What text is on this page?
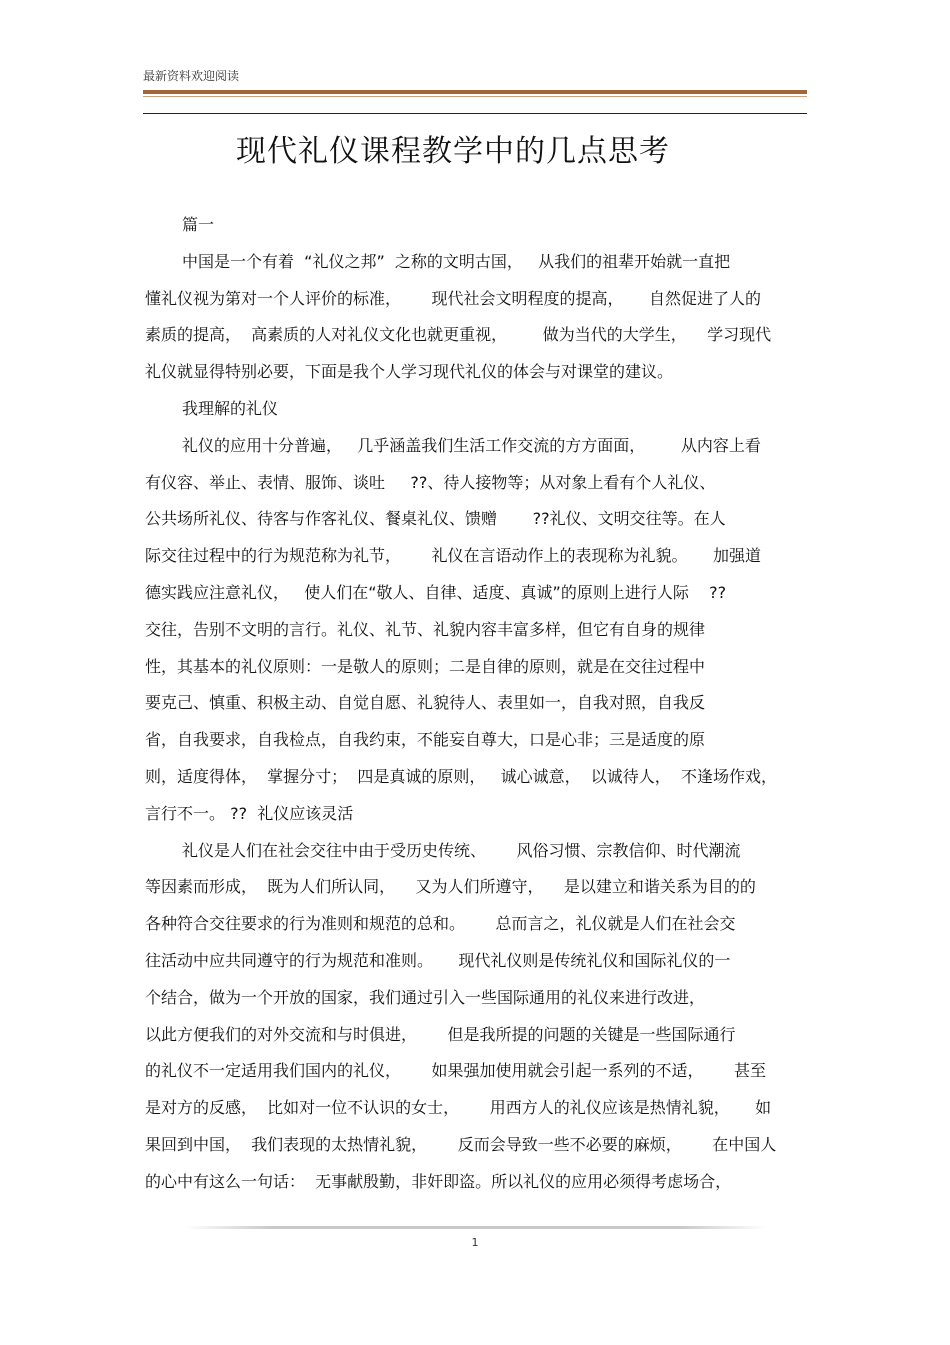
最新资料欢迎阅读
现代礼仪课程教学中的几点思考
篇一
中国是一个有着  “礼仪之邦”  之称的文明古国，   从我们的祖辈开始就一直把
懂礼仪视为第对一个人评价的标准，      现代社会文明程度的提高，     自然促进了人的
素质的提高，  高素质的人对礼仪文化也就更重视，       做为当代的大学生，    学习现代
礼仪就显得特别必要，下面是我个人学习现代礼仪的体会与对课堂的建议。
我理解的礼仪
礼仪的应用十分普遍，   几乎涵盖我们生活工作交流的方方面面，       从内容上看
有仪容、举止、表情、服饰、谈吐     ??、待人接物等；从对象上看有个人礼仪、
公共场所礼仪、待客与作客礼仪、餐桌礼仪、馈赠       ??礼仪、文明交往等。在人
际交往过程中的行为规范称为礼节，      礼仪在言语动作上的表现称为礼貌。     加强道
德实践应注意礼仪，   使人们在“敬人、自律、适度、真诚”的原则上进行人际    ??
交往，告别不文明的言行。礼仪、礼节、礼貌内容丰富多样，但它有自身的规律
性，其基本的礼仪原则：一是敬人的原则；二是自律的原则，就是在交往过程中
要克己、慎重、积极主动、自觉自愿、礼貌待人、表里如一，自我对照，自我反
省，自我要求，自我检点，自我约束，不能妄自尊大，口是心非；三是适度的原
则，适度得体，  掌握分寸；  四是真诚的原则，   诚心诚意，  以诚待人，  不逢场作戏，
言行不一。 ??  礼仪应该灵活
礼仪是人们在社会交往中由于受历史传统、      风俗习惯、宗教信仰、时代潮流
等因素而形成，  既为人们所认同，    又为人们所遵守，    是以建立和谐关系为目的的
各种符合交往要求的行为准则和规范的总和。      总而言之，礼仪就是人们在社会交
往活动中应共同遵守的行为规范和准则。     现代礼仪则是传统礼仪和国际礼仪的一
个结合，做为一个开放的国家，我们通过引入一些国际通用的礼仪来进行改进，
以此方便我们的对外交流和与时俱进，      但是我所提的问题的关键是一些国际通行
的礼仪不一定适用我们国内的礼仪，      如果强加使用就会引起一系列的不适，      甚至
是对方的反感，  比如对一位不认识的女士，      用西方人的礼仪应该是热情礼貌，     如
果回到中国，  我们表现的太热情礼貌，      反而会导致一些不必要的麻烦，      在中国人
的心中有这么一句话：  无事献殷勤，非奸即盗。所以礼仪的应用必须得考虑场合，
1
